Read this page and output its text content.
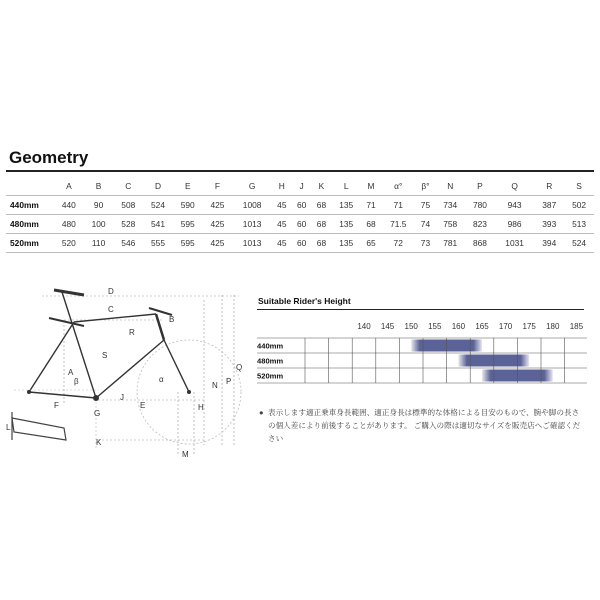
Geometry
	A	B	C	D	E	F	G	H	J	K	L	M	α°	β°	N	P	Q	R	S
440mm	440	90	508	524	590	425	1008	45	60	68	135	71	71	75	734	780	943	387	502
480mm	480	100	528	541	595	425	1013	45	60	68	135	68	71.5	74	758	823	986	393	513
520mm	520	110	546	555	595	425	1013	45	60	68	135	65	72	73	781	868	1031	394	524
D
C
B
R
S
A
β	α
F
J
E
G
H
N P
Q
L
K
M
Suitable Rider's Height
140 145 150 155 160 165 170 175 180 185
440mm
480mm
520mm
● 表示します適正乗車身長範囲、適正身長は標準的な体格による目安のもので、腕や脚の長さの個人差により前後することがあります。 ご購入の際は適切なサイズを販売店へご確認ください
